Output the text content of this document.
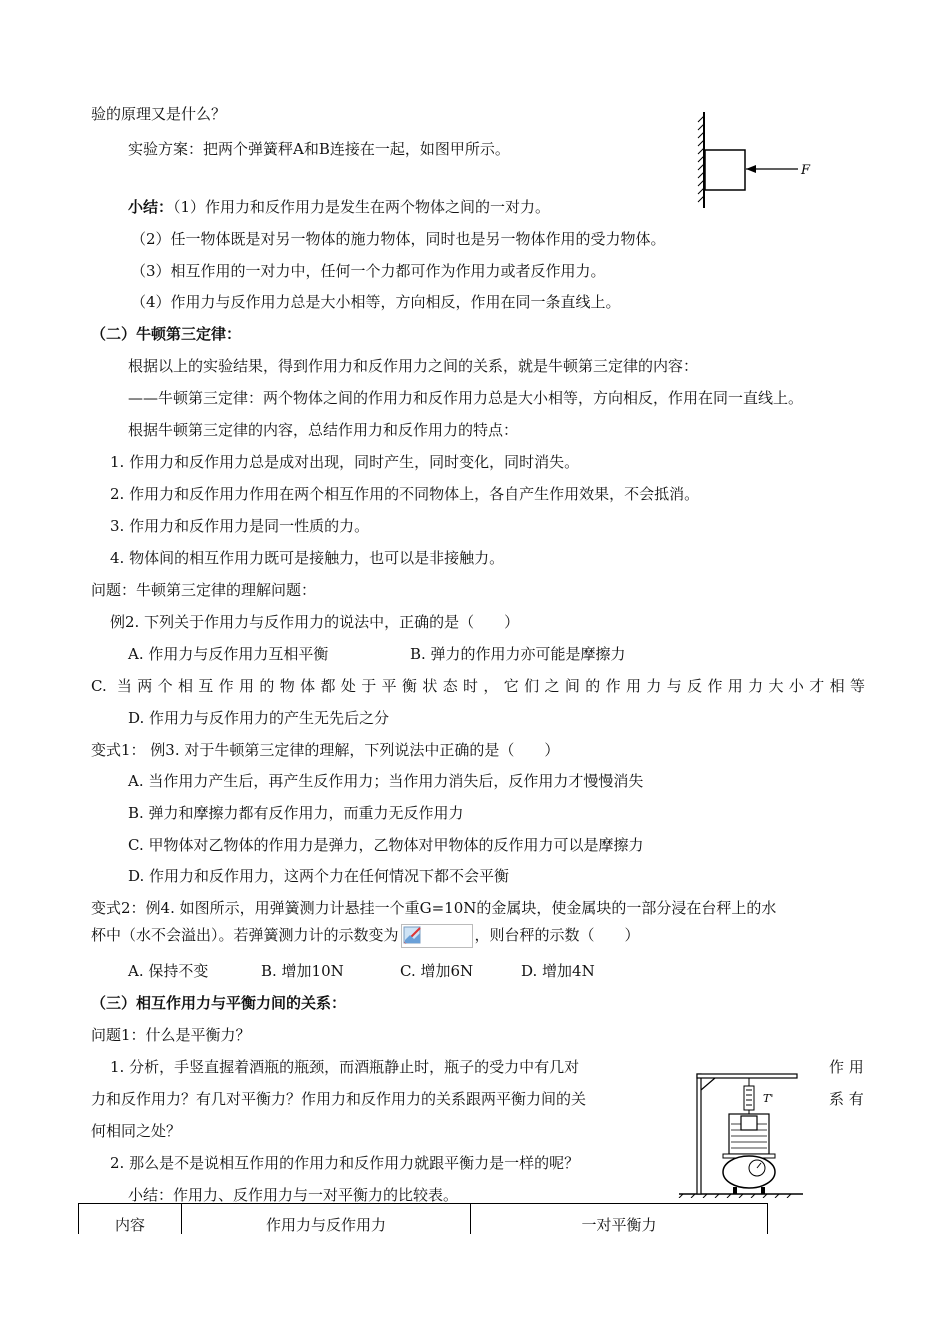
验的原理又是什么？
实验方案：把两个弹簧秤A和B连接在一起，如图甲所示。
小结：（1）作用力和反作用力是发生在两个物体之间的一对力。
（2）任一物体既是对另一物体的施力物体，同时也是另一物体作用的受力物体。
（3）相互作用的一对力中，任何一个力都可作为作用力或者反作用力。
（4）作用力与反作用力总是大小相等，方向相反，作用在同一条直线上。
（二）牛顿第三定律：
根据以上的实验结果，得到作用力和反作用力之间的关系，就是牛顿第三定律的内容：
——牛顿第三定律：两个物体之间的作用力和反作用力总是大小相等，方向相反，作用在同一直线上。
根据牛顿第三定律的内容，总结作用力和反作用力的特点：
1. 作用力和反作用力总是成对出现，同时产生，同时变化，同时消失。
2. 作用力和反作用力作用在两个相互作用的不同物体上，各自产生作用效果，不会抵消。
3. 作用力和反作用力是同一性质的力。
4. 物体间的相互作用力既可是接触力，也可以是非接触力。
问题：牛顿第三定律的理解问题：
例2. 下列关于作用力与反作用力的说法中，正确的是（　　）
A. 作用力与反作用力互相平衡	B. 弹力的作用力亦可能是摩擦力
C. 当两个相互作用的物体都处于平衡状态时，它们之间的作用力与反作用力大小才相等
D. 作用力与反作用力的产生无先后之分
变式1： 例3. 对于牛顿第三定律的理解，下列说法中正确的是（　　）
A. 当作用力产生后，再产生反作用力；当作用力消失后，反作用力才慢慢消失
B. 弹力和摩擦力都有反作用力，而重力无反作用力
C. 甲物体对乙物体的作用力是弹力，乙物体对甲物体的反作用力可以是摩擦力
D. 作用力和反作用力，这两个力在任何情况下都不会平衡
变式2：例4. 如图所示，用弹簧测力计悬挂一个重G=10N的金属块，使金属块的一部分浸在台秤上的水
杯中（水不会溢出）。若弹簧测力计的示数变为	，则台秤的示数（　　）
A. 保持不变	B. 增加10N	C. 增加6N	D. 增加4N
（三）相互作用力与平衡力间的关系：
问题1：什么是平衡力？
1. 分析，手竖直握着酒瓶的瓶颈，而酒瓶静止时，瓶子的受力中有几对	作 用
力和反作用力？有几对平衡力？作用力和反作用力的关系跟两平衡力间的关	系 有
何相同之处？
2. 那么是不是说相互作用的作用力和反作用力就跟平衡力是一样的呢？
小结：作用力、反作用力与一对平衡力的比较表。
F
T'
内容	作用力与反作用力	一对平衡力
